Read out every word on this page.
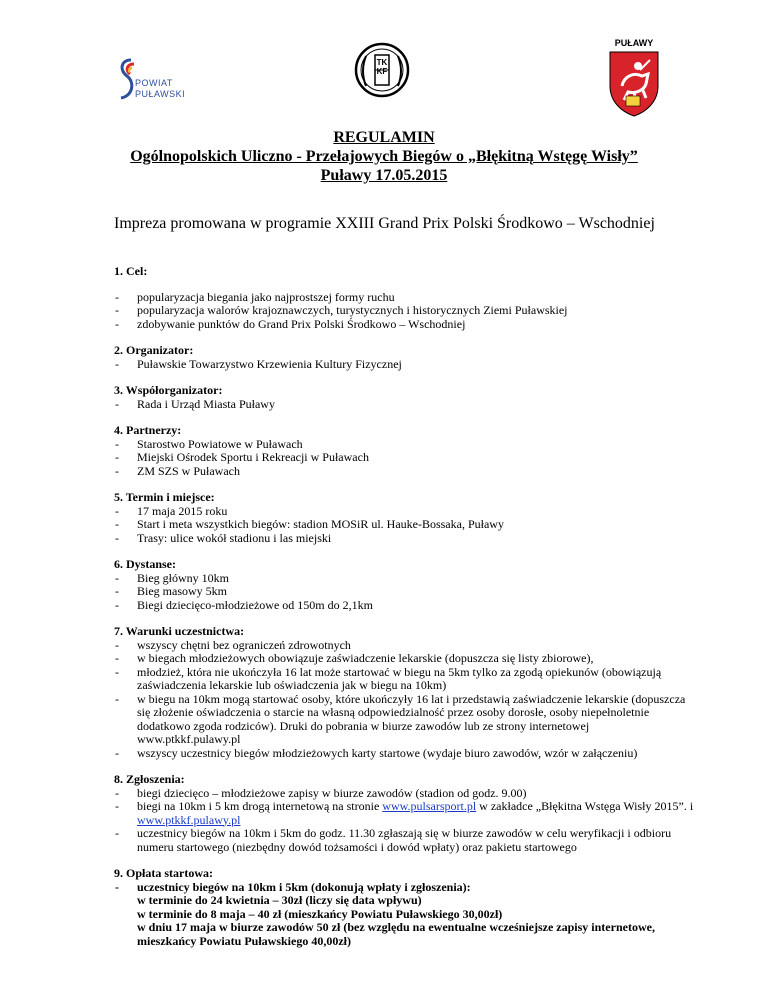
POWIAT
PUŁAWSKI
TKKF
PUŁAWY
REGULAMIN
Ogólnopolskich Uliczno - Przełajowych Biegów o „Błękitną Wstęgę Wisły”
Puławy 17.05.2015
Impreza promowana w programie XXIII Grand Prix Polski Środkowo – Wschodniej
1. Cel:
- popularyzacja biegania jako najprostszej formy ruchu
- popularyzacja walorów krajoznawczych, turystycznych i historycznych Ziemi Puławskiej
- zdobywanie punktów do Grand Prix Polski Środkowo – Wschodniej
2. Organizator:
- Puławskie Towarzystwo Krzewienia Kultury Fizycznej
3. Współorganizator:
- Rada i Urząd Miasta Puławy
4. Partnerzy:
- Starostwo Powiatowe w Puławach
- Miejski Ośrodek Sportu i Rekreacji w Puławach
- ZM SZS w Puławach
5. Termin i miejsce:
- 17 maja 2015 roku
- Start i meta wszystkich biegów: stadion MOSiR ul. Hauke-Bossaka, Puławy
- Trasy: ulice wokół stadionu i las miejski
6. Dystanse:
- Bieg główny 10km
- Bieg masowy 5km
- Biegi dziecięco-młodzieżowe od 150m do 2,1km
7. Warunki uczestnictwa:
- wszyscy chętni bez ograniczeń zdrowotnych
- w biegach młodzieżowych obowiązuje zaświadczenie lekarskie (dopuszcza się listy zbiorowe),
- młodzież, która nie ukończyła 16 lat może startować w biegu na 5km tylko za zgodą opiekunów (obowiązują zaświadczenia lekarskie lub oświadczenia jak w biegu na 10km)
- w biegu na 10km mogą startować osoby, które ukończyły 16 lat i przedstawią zaświadczenie lekarskie (dopuszcza się złożenie oświadczenia o starcie na własną odpowiedzialność przez osoby dorosłe, osoby niepełnoletnie dodatkowo zgoda rodziców). Druki do pobrania w biurze zawodów lub ze strony internetowej www.ptkkf.pulawy.pl
- wszyscy uczestnicy biegów młodzieżowych karty startowe (wydaje biuro zawodów, wzór w załączeniu)
8. Zgłoszenia:
- biegi dziecięco – młodzieżowe zapisy w biurze zawodów (stadion od godz. 9.00)
- biegi na 10km i 5 km drogą internetową na stronie www.pulsarsport.pl w zakładce „Błękitna Wstęga Wisły 2015”. i www.ptkkf.pulawy.pl
- uczestnicy biegów na 10km i 5km do godz. 11.30 zgłaszają się w biurze zawodów w celu weryfikacji i odbioru numeru startowego (niezbędny dowód tożsamości i dowód wpłaty) oraz pakietu startowego
9. Opłata startowa:
- uczestnicy biegów na 10km i 5km (dokonują wpłaty i zgłoszenia):
w terminie do 24 kwietnia – 30zł (liczy się data wpływu)
w terminie do 8 maja – 40 zł (mieszkańcy Powiatu Puławskiego 30,00zł)
w dniu 17 maja w biurze zawodów 50 zł (bez względu na ewentualne wcześniejsze zapisy internetowe, mieszkańcy Powiatu Puławskiego 40,00zł)
